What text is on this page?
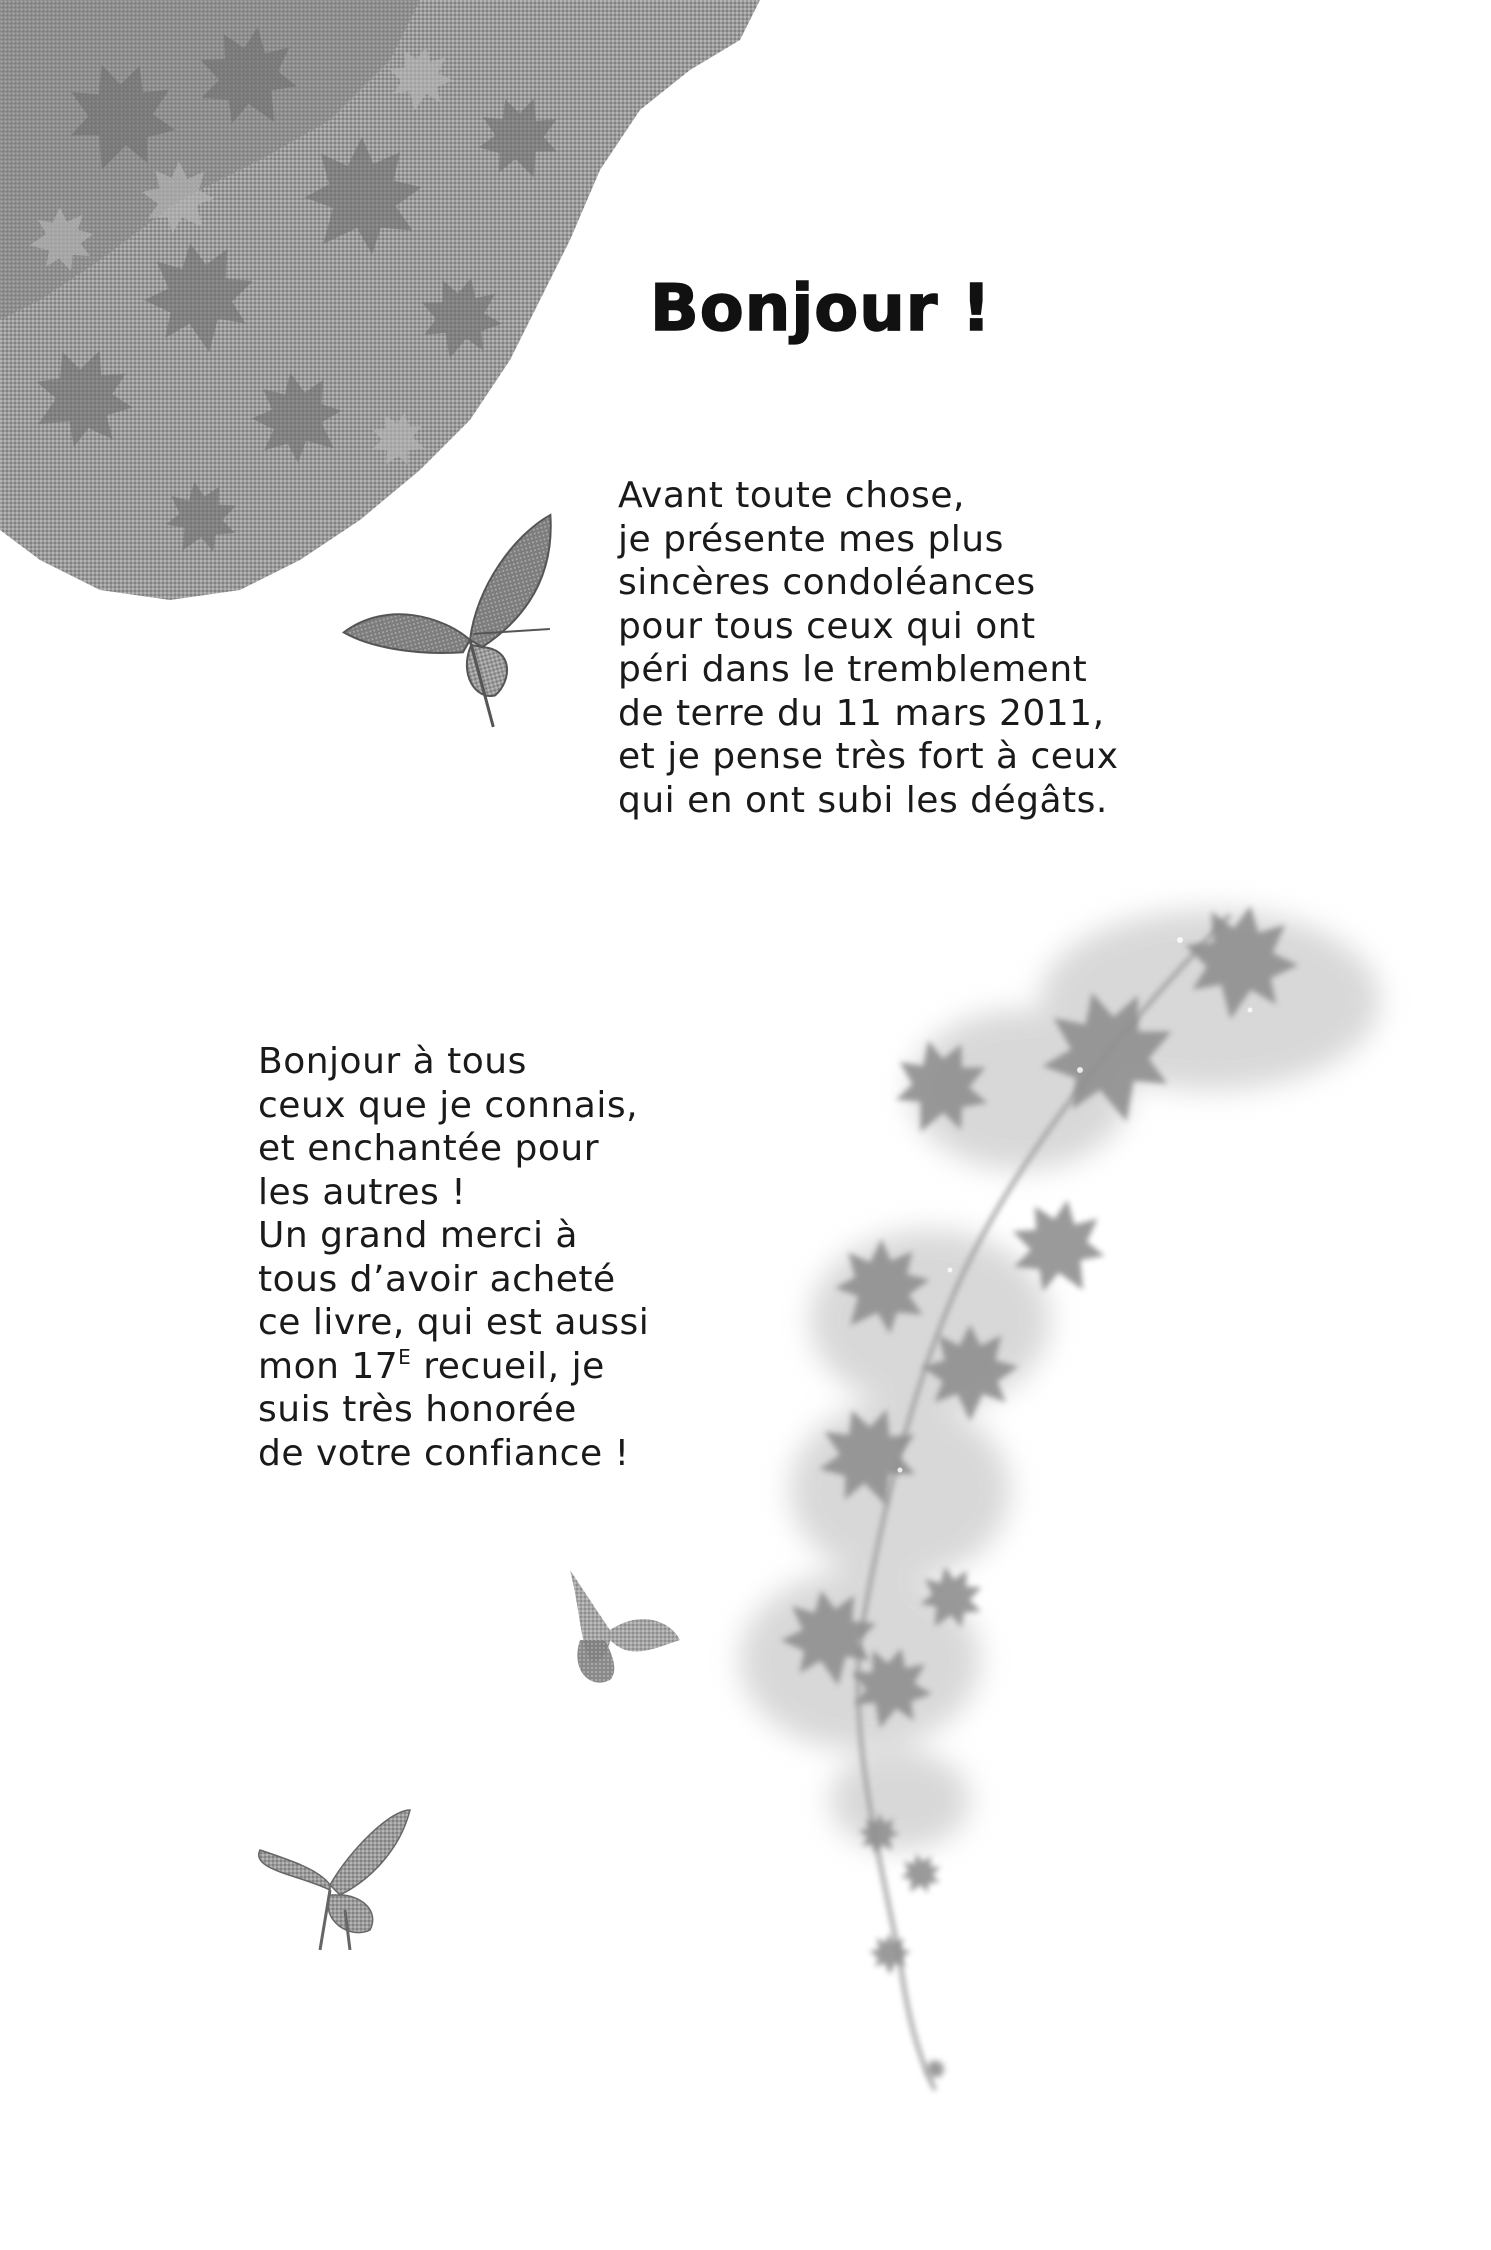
Bonjour !

Avant toute chose,
je présente mes plus
sincères condoléances
pour tous ceux qui ont
péri dans le tremblement
de terre du 11 mars 2011,
et je pense très fort à ceux
qui en ont subi les dégâts.

Bonjour à tous
ceux que je connais,
et enchantée pour
les autres !
Un grand merci à
tous d’avoir acheté
ce livre, qui est aussi
mon $17^E$ recueil, je
suis très honorée
de votre confiance !
